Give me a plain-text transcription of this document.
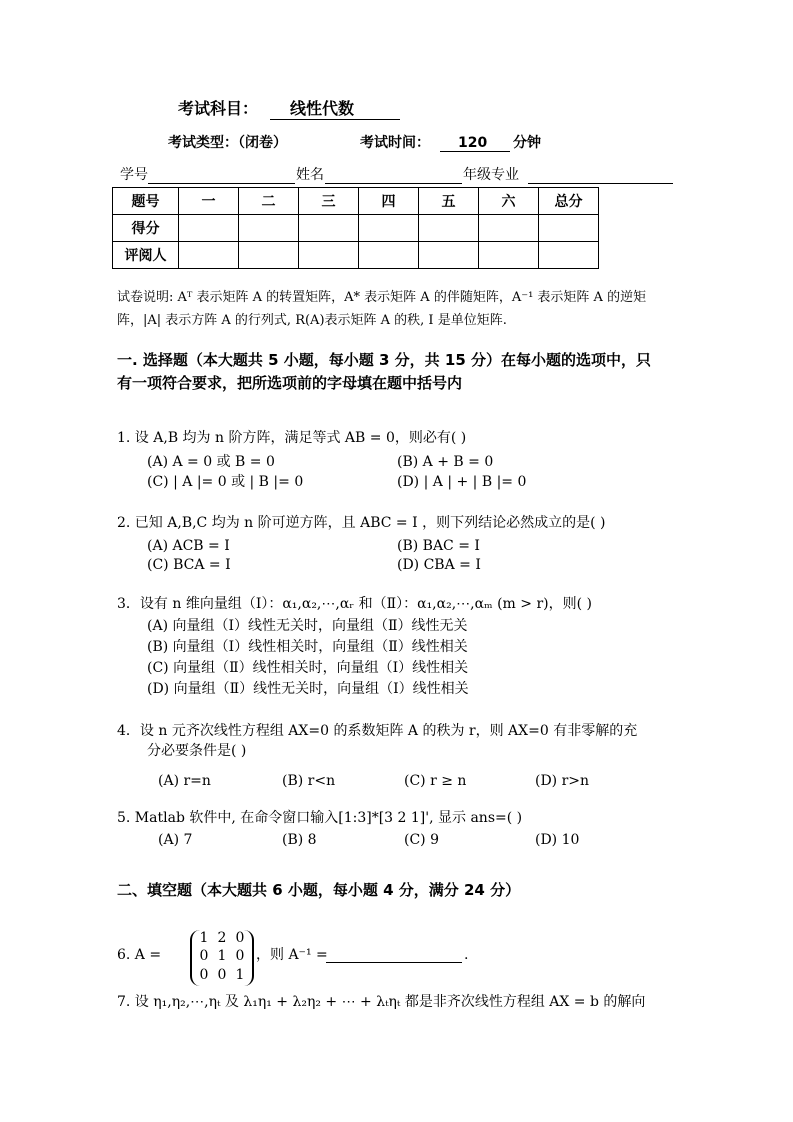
考试科目： 线性代数
考试类型：（闭卷）	考试时间： 120 分钟
学号	姓名	年级专业
题号	一	二	三	四	五	六	总分
得分							
评阅人							
试卷说明: Aᵀ 表示矩阵 A 的转置矩阵，A* 表示矩阵 A 的伴随矩阵，A⁻¹ 表示矩阵 A 的逆矩
阵，|A| 表示方阵 A 的行列式, R(A)表示矩阵 A 的秩, I 是单位矩阵.
一. 选择题（本大题共 5 小题，每小题 3 分，共 15 分）在每小题的选项中，只
有一项符合要求，把所选项前的字母填在题中括号内
1. 设 A,B 均为 n 阶方阵，满足等式 AB = 0，则必有( )
(A) A = 0 或 B = 0	(B) A + B = 0
(C) | A |= 0 或 | B |= 0	(D) | A | + | B |= 0
2. 已知 A,B,C 均为 n 阶可逆方阵，且 ABC = I ，则下列结论必然成立的是( )
(A) ACB = I	(B) BAC = I
(C) BCA = I	(D) CBA = I
3．设有 n 维向量组（Ⅰ）：α₁,α₂,⋯,αᵣ 和（Ⅱ）：α₁,α₂,⋯,αₘ (m > r)，则( )
(A) 向量组（Ⅰ）线性无关时，向量组（Ⅱ）线性无关
(B) 向量组（Ⅰ）线性相关时，向量组（Ⅱ）线性相关
(C) 向量组（Ⅱ）线性相关时，向量组（Ⅰ）线性相关
(D) 向量组（Ⅱ）线性无关时，向量组（Ⅰ）线性相关
4．设 n 元齐次线性方程组 AX=0 的系数矩阵 A 的秩为 r，则 AX=0 有非零解的充
分必要条件是( )
(A) r=n	(B) r<n	(C) r ≥ n	(D) r>n
5. Matlab 软件中, 在命令窗口输入[1:3]*[3 2 1]', 显示 ans=( )
(A) 7	(B) 8	(C) 9	(D) 10
二、填空题（本大题共 6 小题，每小题 4 分，满分 24 分）
6. A =
1 2 0
0 1 0
0 0 1
，则 A⁻¹ =	.
7. 设 η₁,η₂,⋯,ηₜ 及 λ₁η₁ + λ₂η₂ + ⋯ + λₜηₜ 都是非齐次线性方程组 AX = b 的解向
